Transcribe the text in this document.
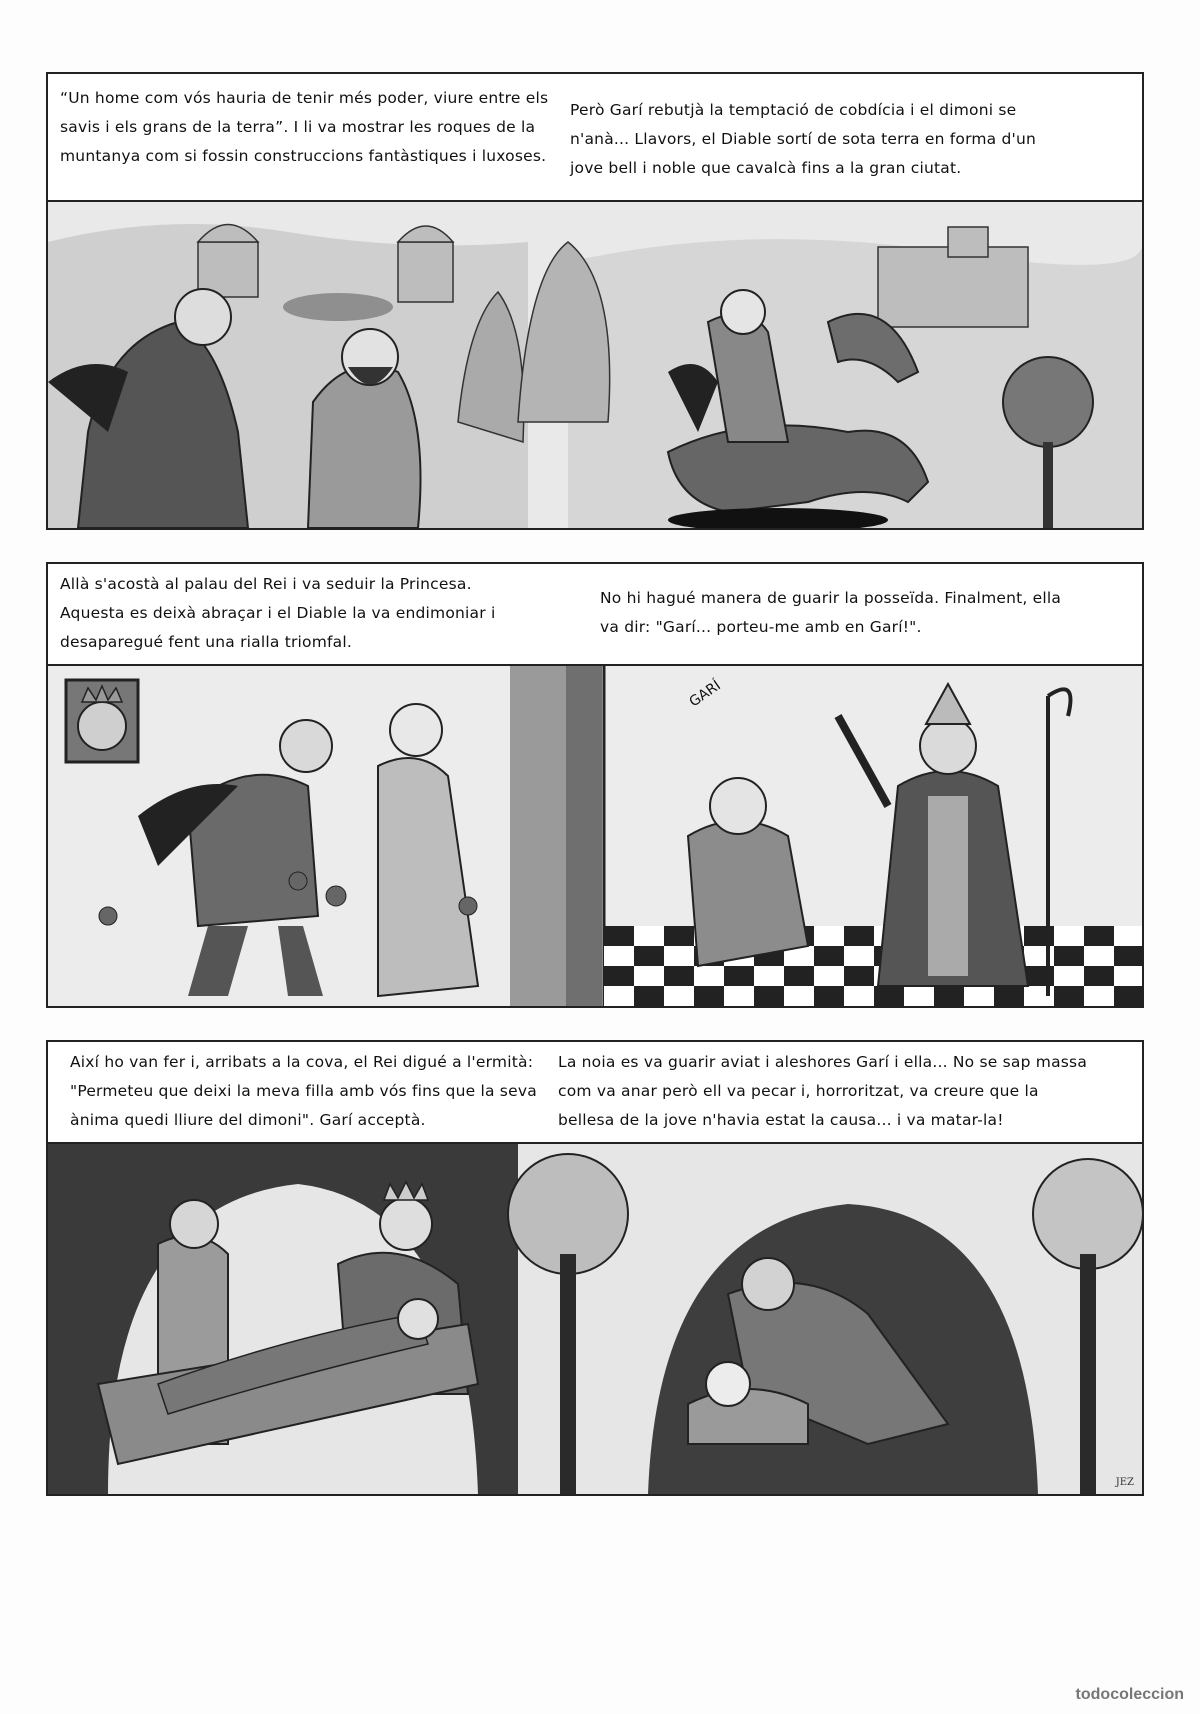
“Un home com vós hauria de tenir més poder, viure entre els savis i els grans de la terra”. I li va mostrar les roques de la muntanya com si fossin construccions fantàstiques i luxoses.
Però Garí rebutjà la temptació de cobdícia i el dimoni se n'anà... Llavors, el Diable sortí de sota terra en forma d'un jove bell i noble que cavalcà fins a la gran ciutat.
Allà s'acostà al palau del Rei i va seduir la Princesa. Aquesta es deixà abraçar i el Diable la va endimoniar i desaparegué fent una rialla triomfal.
No hi hagué manera de guarir la posseïda. Finalment, ella va dir: "Garí... porteu-me amb en Garí!".
GARÍ
Així ho van fer i, arribats a la cova, el Rei digué a l'ermità: "Permeteu que deixi la meva filla amb vós fins que la seva ànima quedi lliure del dimoni". Garí acceptà.
La noia es va guarir aviat i aleshores Garí i ella... No se sap massa com va anar però ell va pecar i, horroritzat, va creure que la bellesa de la jove n'havia estat la causa... i va matar-la!
JEZ
todocoleccion
